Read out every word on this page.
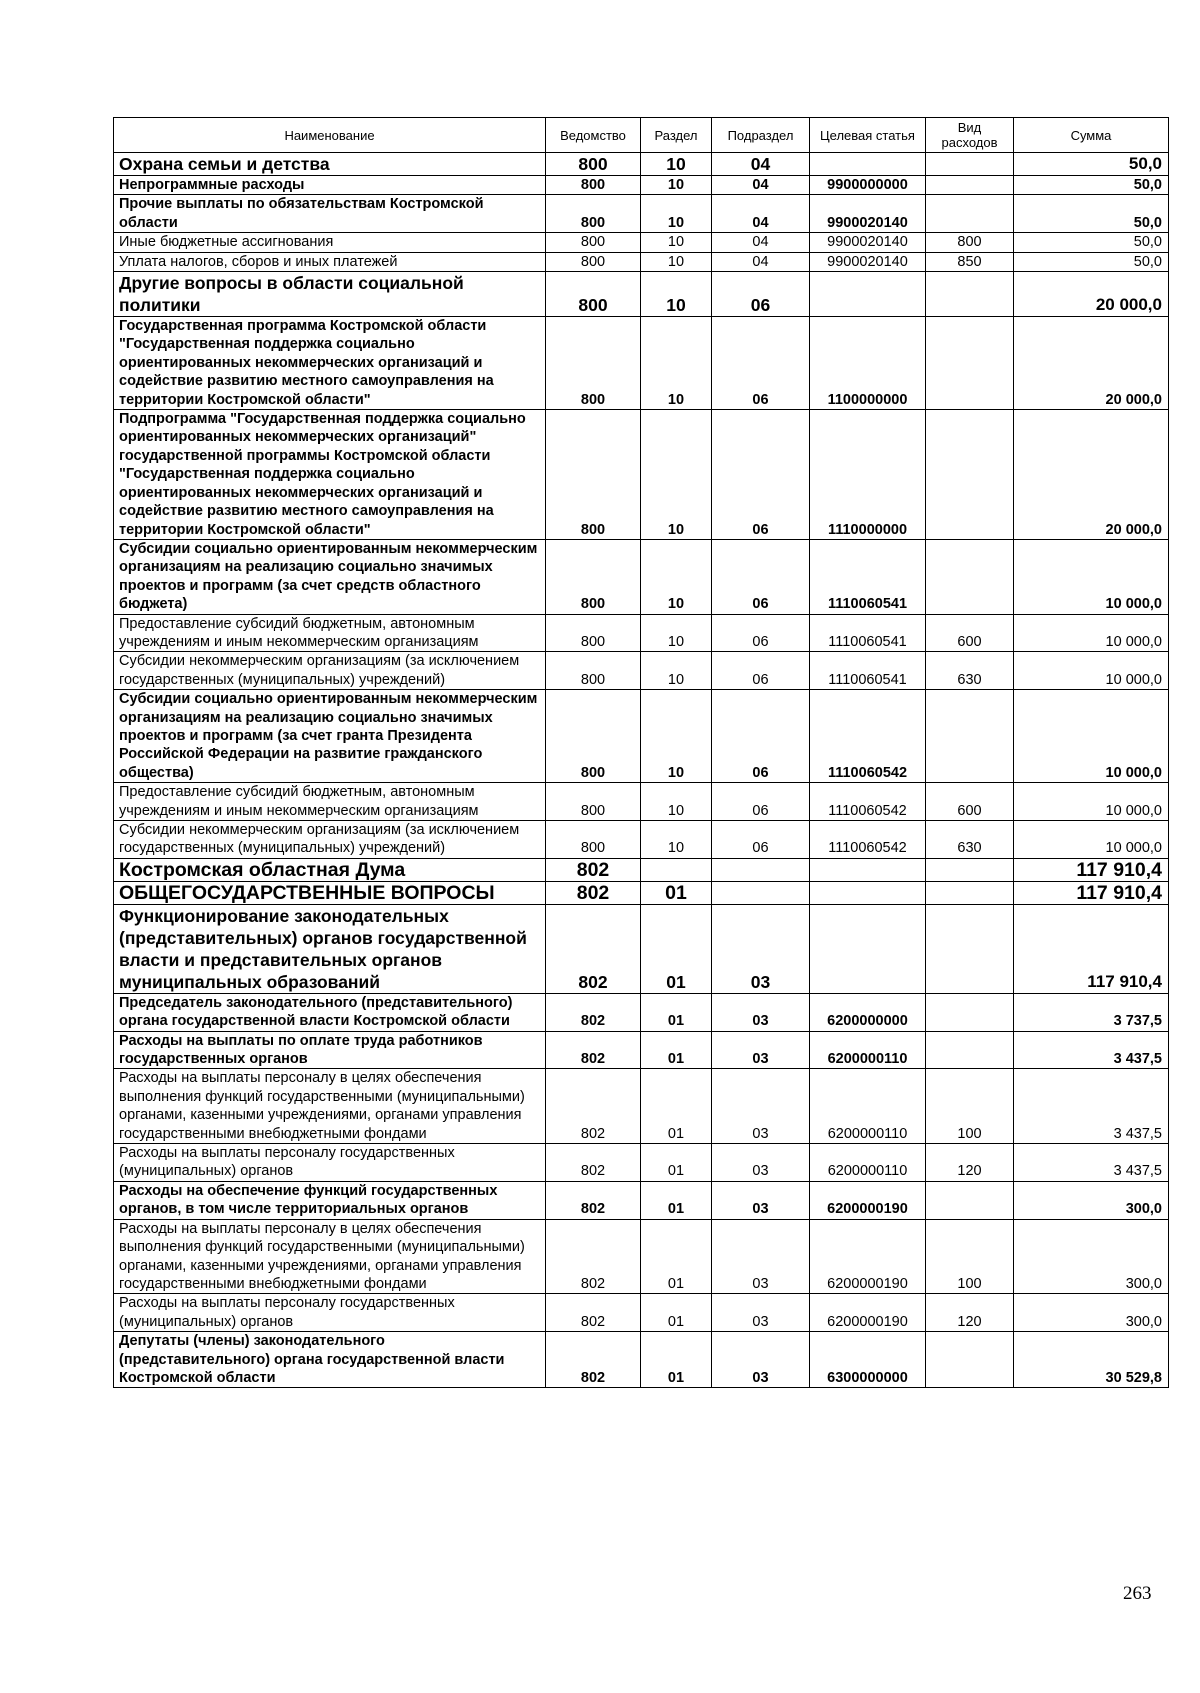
Наименование	Ведомство	Раздел	Подраздел	Целевая статья	Вид расходов	Сумма
Охрана семьи и детства	800	10	04			50,0
Непрограммные расходы	800	10	04	9900000000		50,0
Прочие выплаты по обязательствам Костромской области	800	10	04	9900020140		50,0
Иные бюджетные ассигнования	800	10	04	9900020140	800	50,0
Уплата налогов, сборов и иных платежей	800	10	04	9900020140	850	50,0
Другие вопросы в области социальной политики	800	10	06			20 000,0
Государственная программа Костромской области "Государственная поддержка социально ориентированных некоммерческих организаций и содействие развитию местного самоуправления на территории Костромской области"	800	10	06	1100000000		20 000,0
Подпрограмма "Государственная поддержка социально ориентированных некоммерческих организаций" государственной программы Костромской области "Государственная поддержка социально ориентированных некоммерческих организаций и содействие развитию местного самоуправления на территории Костромской области"	800	10	06	1110000000		20 000,0
Субсидии социально ориентированным некоммерческим организациям на реализацию социально значимых проектов и программ (за счет средств областного бюджета)	800	10	06	1110060541		10 000,0
Предоставление субсидий бюджетным, автономным учреждениям и иным некоммерческим организациям	800	10	06	1110060541	600	10 000,0
Субсидии некоммерческим организациям (за исключением государственных (муниципальных) учреждений)	800	10	06	1110060541	630	10 000,0
Субсидии социально ориентированным некоммерческим организациям на реализацию социально значимых проектов и программ (за счет гранта Президента Российской Федерации на развитие гражданского общества)	800	10	06	1110060542		10 000,0
Предоставление субсидий бюджетным, автономным учреждениям и иным некоммерческим организациям	800	10	06	1110060542	600	10 000,0
Субсидии некоммерческим организациям (за исключением государственных (муниципальных) учреждений)	800	10	06	1110060542	630	10 000,0
Костромская областная Дума	802					117 910,4
ОБЩЕГОСУДАРСТВЕННЫЕ ВОПРОСЫ	802	01				117 910,4
Функционирование законодательных (представительных) органов государственной власти и представительных органов муниципальных образований	802	01	03			117 910,4
Председатель законодательного (представительного) органа государственной власти Костромской области	802	01	03	6200000000		3 737,5
Расходы на выплаты по оплате труда работников государственных органов	802	01	03	6200000110		3 437,5
Расходы на выплаты персоналу в целях обеспечения выполнения функций государственными (муниципальными) органами, казенными учреждениями, органами управления государственными внебюджетными фондами	802	01	03	6200000110	100	3 437,5
Расходы на выплаты персоналу государственных (муниципальных) органов	802	01	03	6200000110	120	3 437,5
Расходы на обеспечение функций государственных органов, в том числе территориальных органов	802	01	03	6200000190		300,0
Расходы на выплаты персоналу в целях обеспечения выполнения функций государственными (муниципальными) органами, казенными учреждениями, органами управления государственными внебюджетными фондами	802	01	03	6200000190	100	300,0
Расходы на выплаты персоналу государственных (муниципальных) органов	802	01	03	6200000190	120	300,0
Депутаты (члены) законодательного (представительного) органа государственной власти Костромской области	802	01	03	6300000000		30 529,8
263
